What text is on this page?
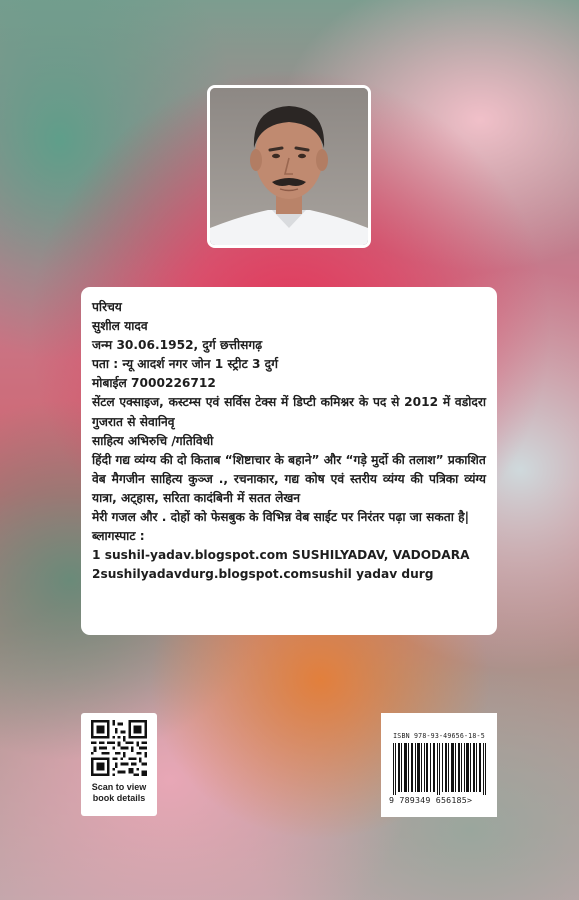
परिचय
सुशील यादव
जन्म 30.06.1952, दुर्ग छत्तीसगढ़
पता : न्यू आदर्श नगर जोन 1 स्ट्रीट 3 दुर्ग
मोबाईल 7000226712
सेंटल एक्साइज, कस्टम्स एवं सर्विस टेक्स में डिप्टी कमिश्नर के पद से 2012 में वडोदरा गुजरात से सेवानिवृ
साहित्य अभिरुचि /गतिविधी
हिंदी गद्य व्यंग्य की दो किताब “शिष्टाचार के बहाने” और “गड़े मुर्दो की तलाश” प्रकाशित
वेब मैगजीन साहित्य कुञ्ज ., रचनाकार, गद्य कोष एवं स्तरीय व्यंग्य की पत्रिका व्यंग्य यात्रा, अट्हास, सरिता कादंबिनी में सतत लेखन
मेरी गजल और . दोहों को फेसबुक के विभिन्न वेब साईट पर निरंतर पढ़ा जा सकता है|
ब्लागस्पाट :
1 sushil-yadav.blogspot.com SUSHILYADAV, VADODARA
2sushilyadavdurg.blogspot.comsushil yadav durg
Scan to view
book details
ISBN 978-93-49656-18-5
9 789349 656185>
